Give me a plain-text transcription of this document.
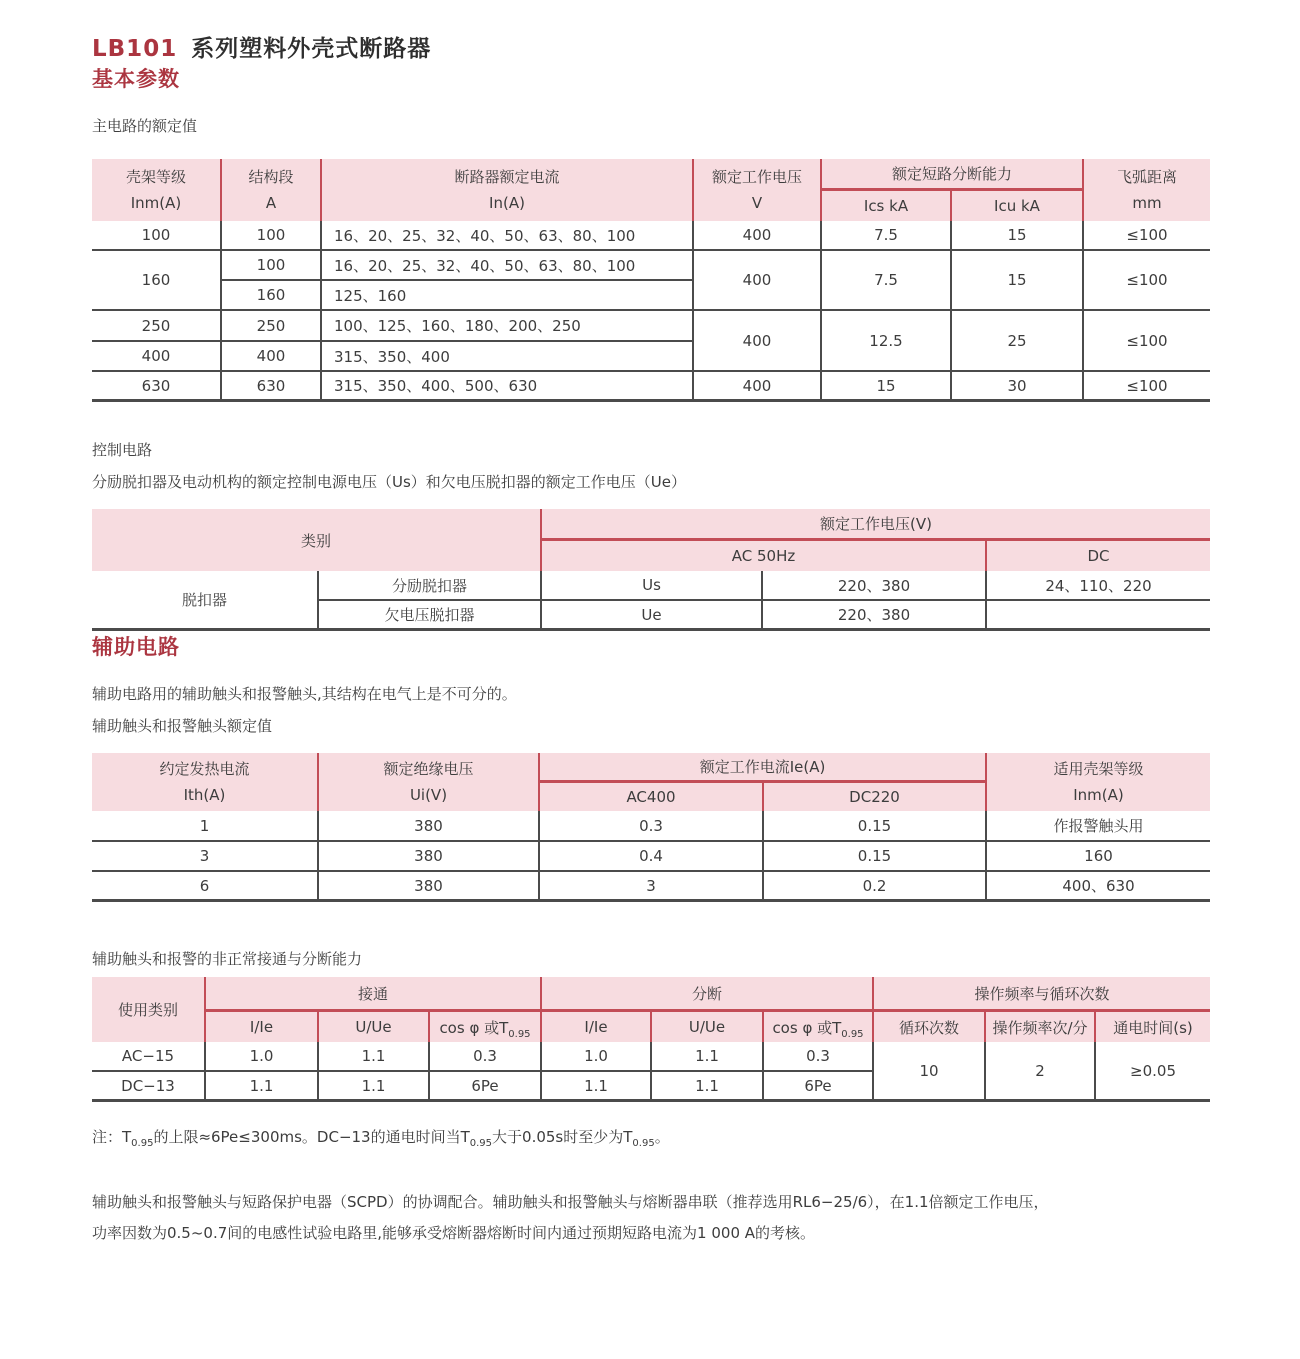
LB101 系列塑料外壳式断路器
基本参数
主电路的额定值
壳架等级
Inm(A)

结构段
A

断路器额定电流
In(A)

额定工作电压
V
	额定短路分断能力	飞弧距离
mm

				Ics kA	Icu kA	
100	100	16、20、25、32、40、50、63、80、100	400	7.5	15	≤100
160	100	16、20、25、32、40、50、63、80、100	400	7.5	15	≤100
	160	125、160				
250	250	100、125、160、180、200、250	400	12.5	25	≤100
400	400	315、350、400				
630	630	315、350、400、500、630	400	15	30	≤100
控制电路
分励脱扣器及电动机构的额定控制电源电压（Us）和欠电压脱扣器的额定工作电压（Ue）
类别		额定工作电压(V)		
		AC 50Hz		DC
脱扣器	分励脱扣器	Us	220、380	24、110、220
	欠电压脱扣器	Ue	220、380	
辅助电路
辅助电路用的辅助触头和报警触头,其结构在电气上是不可分的。
辅助触头和报警触头额定值
约定发热电流
Ith(A)

额定绝缘电压
Ui(V)
	额定工作电流Ie(A)	适用壳架等级
Inm(A)

		AC400	DC220	
1	380	0.3	0.15	作报警触头用
3	380	0.4	0.15	160
6	380	3	0.2	400、630
辅助触头和报警的非正常接通与分断能力
使用类别	接通			分断			操作频率与循环次数		
	I/Ie	U/Ue	cos φ 或$T_{0.95}$	I/Ie	U/Ue	cos φ 或$T_{0.95}$	循环次数	操作频率次/分	通电时间(s)
AC−15	1.0	1.1	0.3	1.0	1.1	0.3	10	2	≥0.05
DC−13	1.1	1.1	6Pe	1.1	1.1	6Pe			
注：$T_{0.95}$的上限≈6Pe≤300ms。DC−13的通电时间当$T_{0.95}$大于0.05s时至少为$T_{0.95}$。
辅助触头和报警触头与短路保护电器（SCPD）的协调配合。辅助触头和报警触头与熔断器串联（推荐选用RL6−25/6），在1.1倍额定工作电压，
功率因数为0.5~0.7间的电感性试验电路里,能够承受熔断器熔断时间内通过预期短路电流为1 000 A的考核。
